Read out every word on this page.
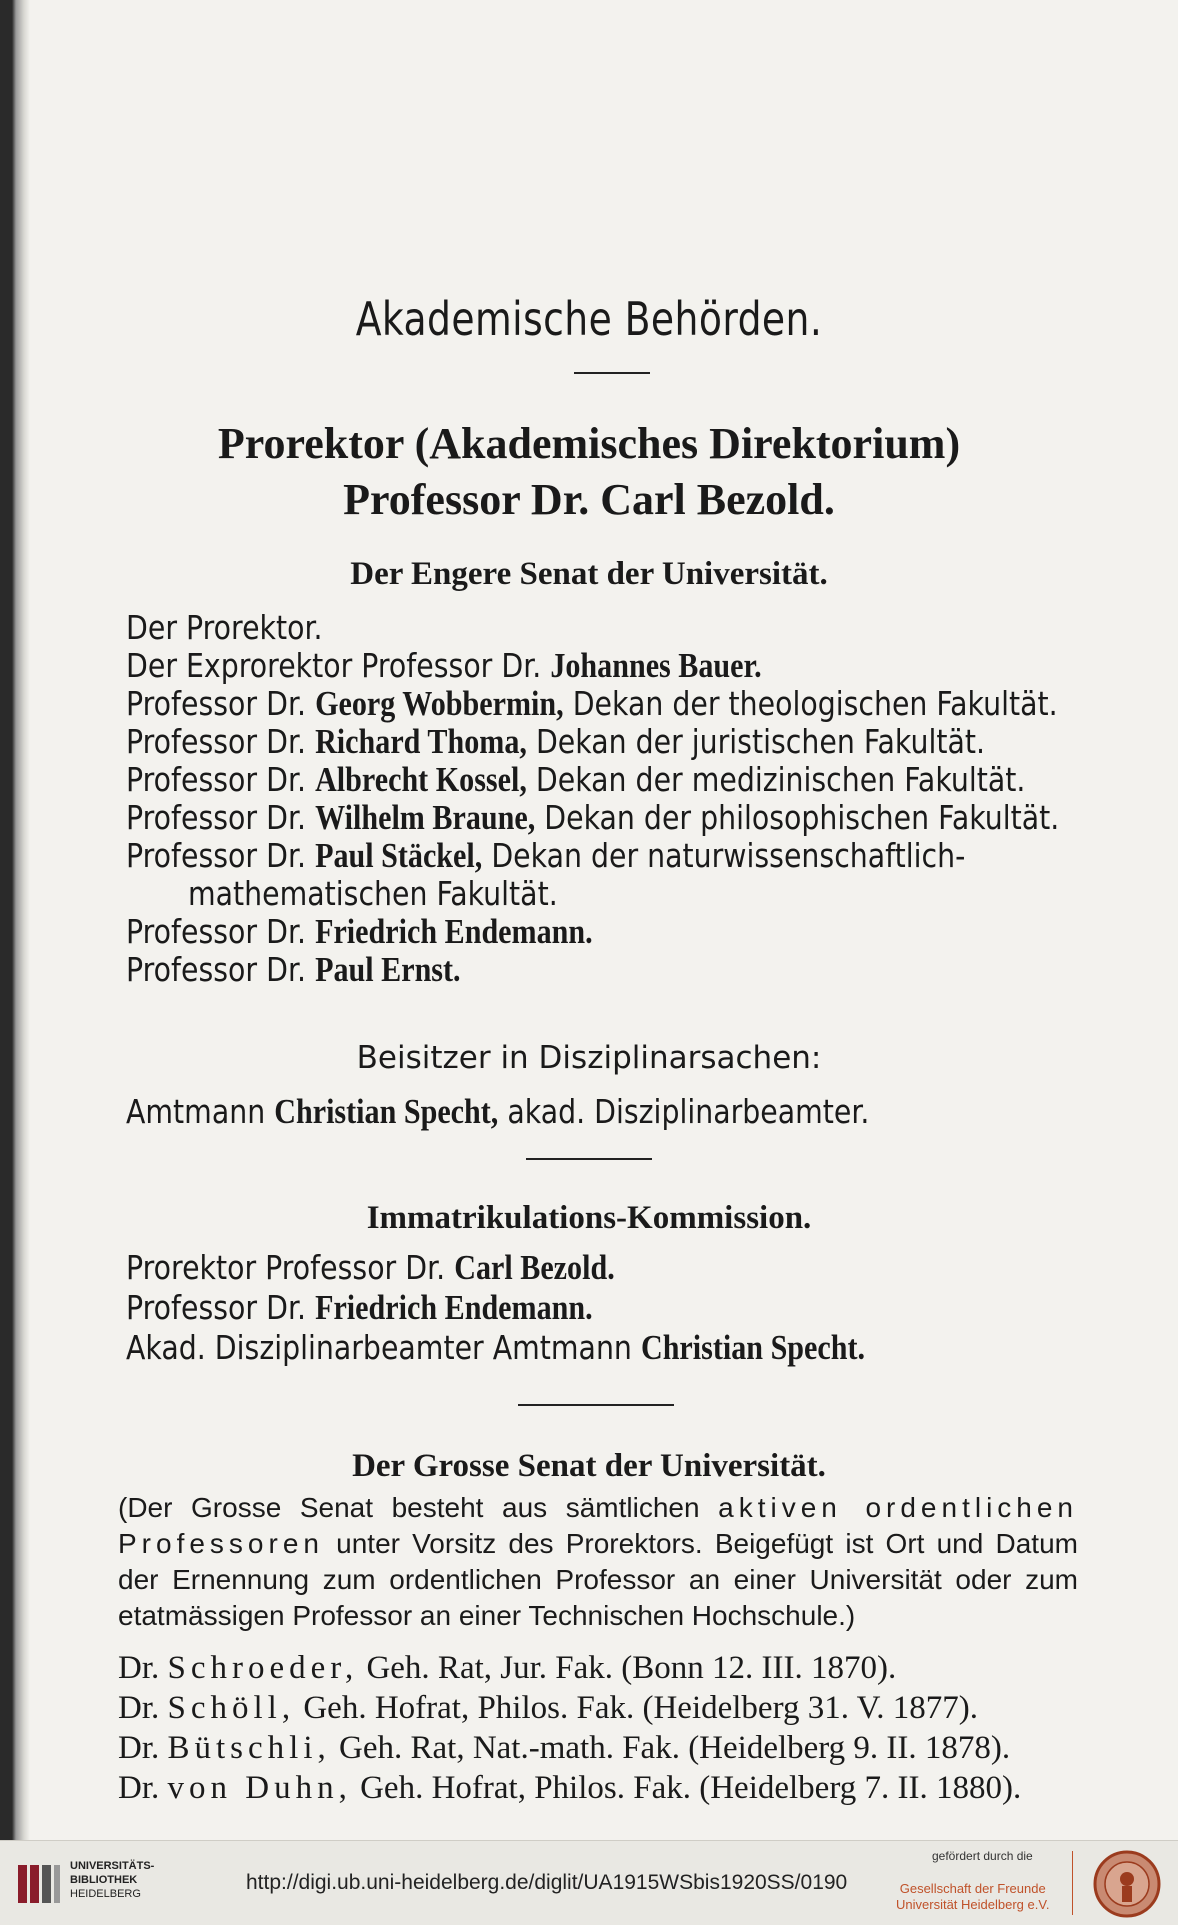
Akademische Behörden.
Prorektor (Akademisches Direktorium)
Professor Dr. Carl Bezold.
Der Engere Senat der Universität.
Der Prorektor.
Der Exprorektor Professor Dr. Johannes Bauer.
Professor Dr. Georg Wobbermin, Dekan der theologischen Fakultät.
Professor Dr. Richard Thoma, Dekan der juristischen Fakultät.
Professor Dr. Albrecht Kossel, Dekan der medizinischen Fakultät.
Professor Dr. Wilhelm Braune, Dekan der philosophischen Fakultät.
Professor Dr. Paul Stäckel, Dekan der naturwissenschaftlich-
mathematischen Fakultät.
Professor Dr. Friedrich Endemann.
Professor Dr. Paul Ernst.
Beisitzer in Disziplinarsachen:
Amtmann Christian Specht, akad. Disziplinarbeamter.
Immatrikulations-Kommission.
Prorektor Professor Dr. Carl Bezold.
Professor Dr. Friedrich Endemann.
Akad. Disziplinarbeamter Amtmann Christian Specht.
Der Grosse Senat der Universität.
(Der Grosse Senat besteht aus sämtlichen aktiven ordentlichen Professoren unter Vorsitz des Prorektors. Beigefügt ist Ort und Datum der Ernennung zum ordentlichen Professor an einer Universität oder zum etatmässigen Professor an einer Technischen Hochschule.)
Dr. Schroeder, Geh. Rat, Jur. Fak. (Bonn 12. III. 1870).
Dr. Schöll, Geh. Hofrat, Philos. Fak. (Heidelberg 31. V. 1877).
Dr. Bütschli, Geh. Rat, Nat.-math. Fak. (Heidelberg 9. II. 1878).
Dr. von Duhn, Geh. Hofrat, Philos. Fak. (Heidelberg 7. II. 1880).
UNIVERSITÄTS-
BIBLIOTHEK
HEIDELBERG	http://digi.ub.uni-heidelberg.de/diglit/UA1915WSbis1920SS/0190
gefördert durch die
Gesellschaft der Freunde
Universität Heidelberg e.V.
